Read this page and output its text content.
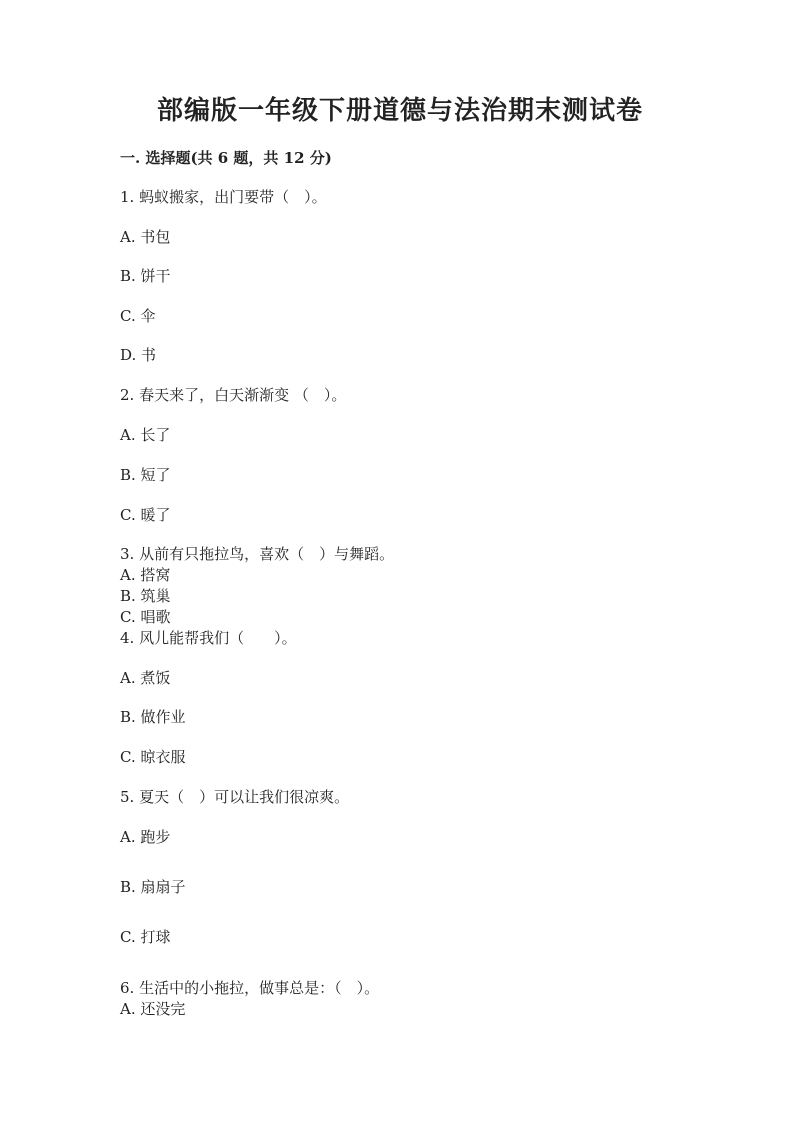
部编版一年级下册道德与法治期末测试卷
一. 选择题(共 6 题，共 12 分)
1. 蚂蚁搬家，出门要带（　）。
A. 书包
B. 饼干
C. 伞
D. 书
2. 春天来了，白天渐渐变 （　）。
A. 长了
B. 短了
C. 暖了
3. 从前有只拖拉鸟，喜欢（　）与舞蹈。
A. 搭窝
B. 筑巢
C. 唱歌
4. 风儿能帮我们（　　）。
A. 煮饭
B. 做作业
C. 晾衣服
5. 夏天（　）可以让我们很凉爽。
A. 跑步
B. 扇扇子
C. 打球
6. 生活中的小拖拉，做事总是：（　）。
A. 还没完
